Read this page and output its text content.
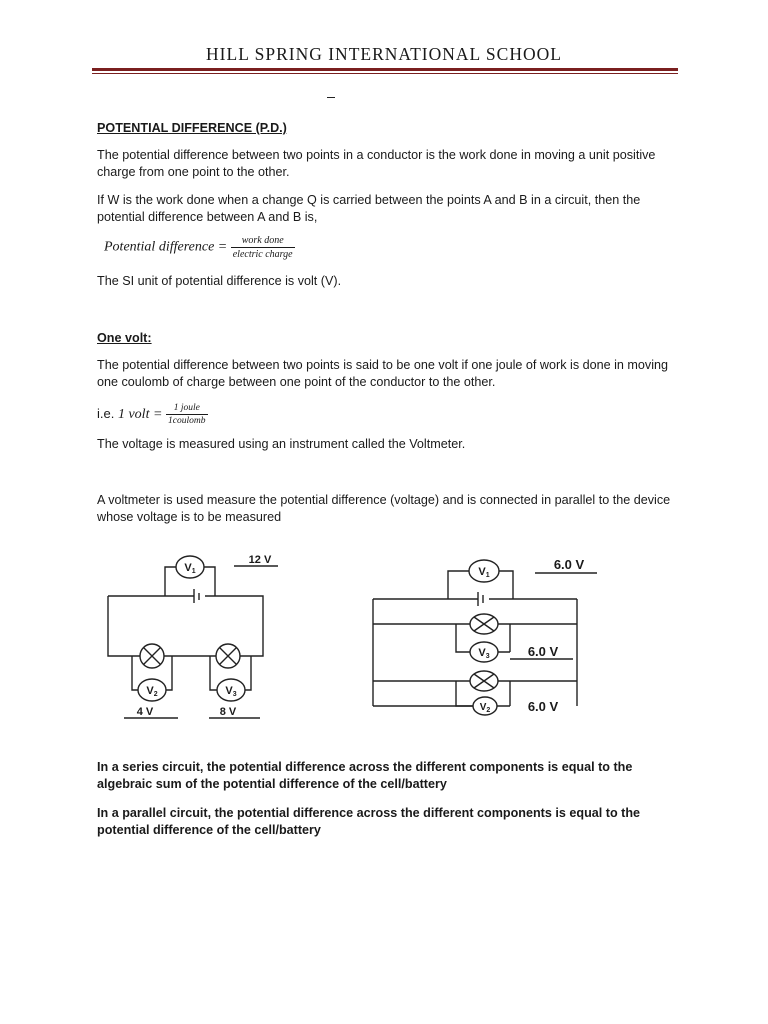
HILL SPRING INTERNATIONAL SCHOOL

POTENTIAL DIFFERENCE (P.D.)

The potential difference between two points in a conductor is the work done in moving a unit positive charge from one point to the other.

If W is the work done when a change Q is carried between the points A and B in a circuit, then the potential difference between A and B is,

Potential difference = $\frac{\text{work done}}{\text{electric charge}}$

The SI unit of potential difference is volt (V).

One volt:

The potential difference between two points is said to be one volt if one joule of work is done in moving one coulomb of charge between one point of the conductor to the other.

i.e. 1 volt = $\frac{\text{1 joule}}{\text{1coulomb}}$

The voltage is measured using an instrument called the Voltmeter.

A voltmeter is used measure the potential difference (voltage) and is connected in parallel to the device whose voltage is to be measured

V1
12 V
V2
4 V
V3
8 V
V1
6.0 V
V3	6.0 V
$V_2$	6.0 V

In a series circuit, the potential difference across the different components is equal to the algebraic sum of the potential difference of the cell/battery

In a parallel circuit, the potential difference across the different components is equal to the potential difference of the cell/battery
